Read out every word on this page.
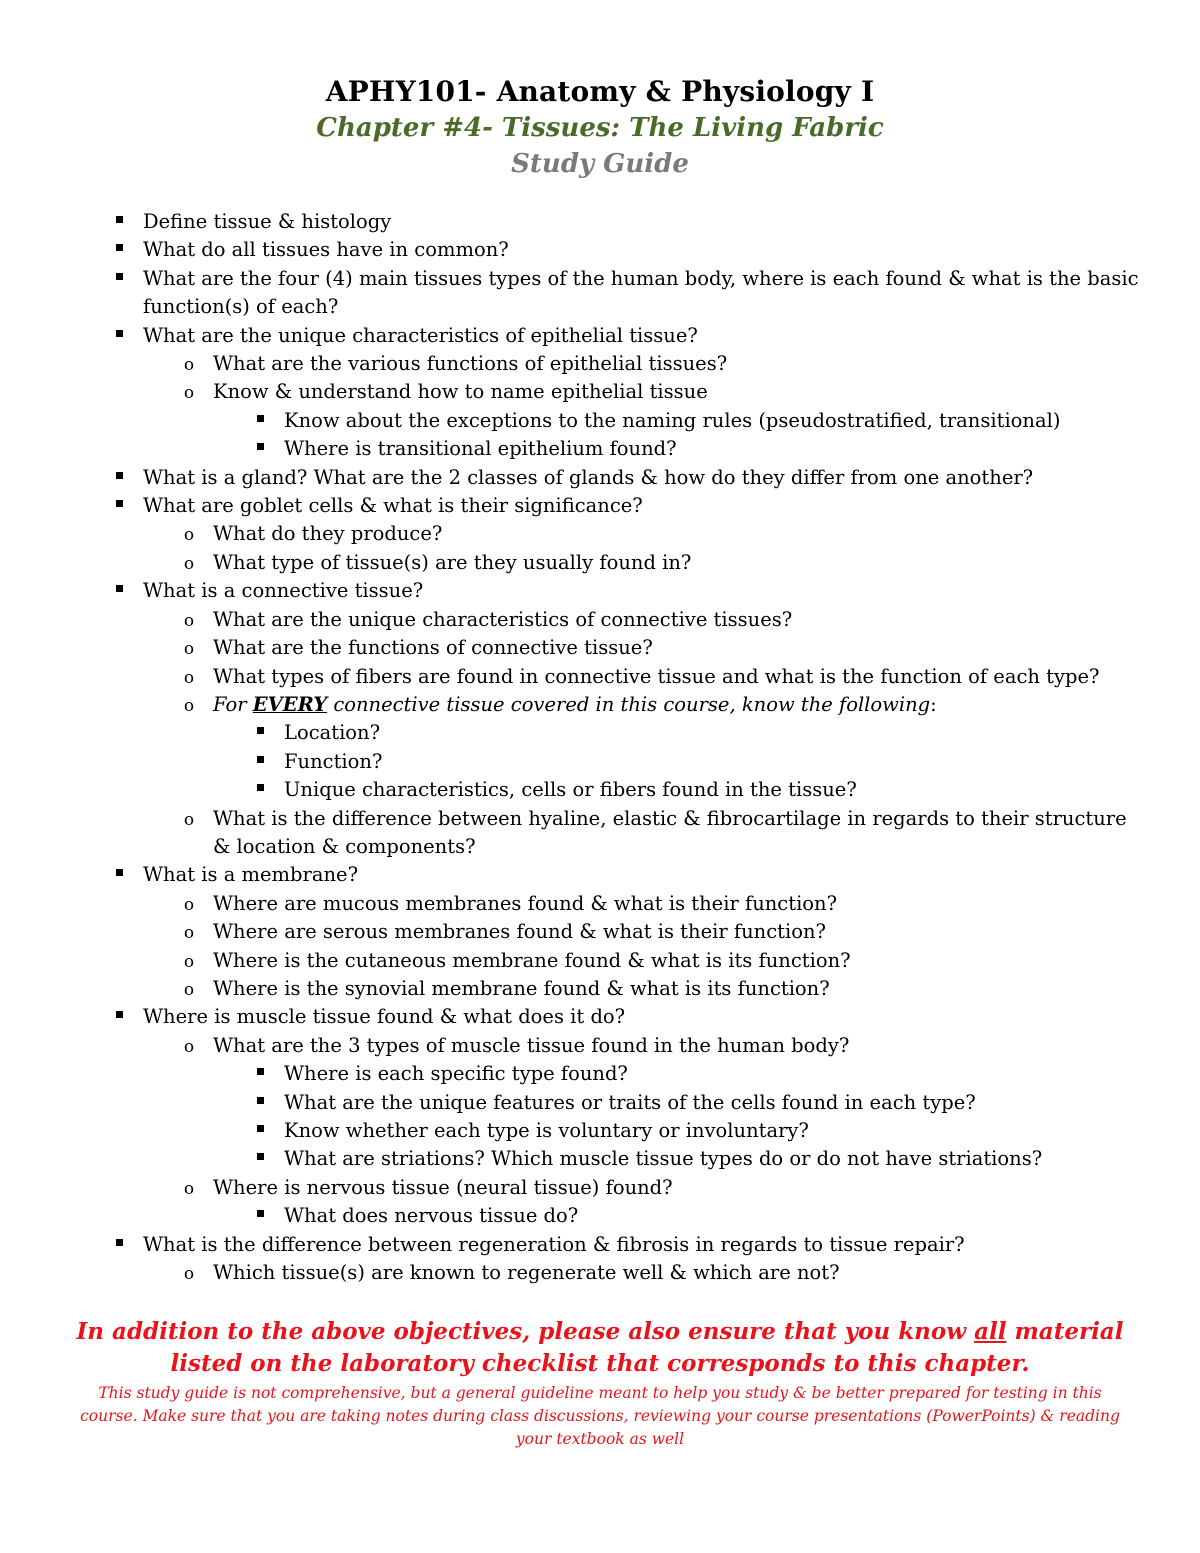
APHY101- Anatomy & Physiology I
Chapter #4- Tissues: The Living Fabric
Study Guide
Define tissue & histology
What do all tissues have in common?
What are the four (4) main tissues types of the human body, where is each found & what is the basic function(s) of each?
What are the unique characteristics of epithelial tissue?
o What are the various functions of epithelial tissues?
o Know & understand how to name epithelial tissue
Know about the exceptions to the naming rules (pseudostratified, transitional)
Where is transitional epithelium found?
What is a gland? What are the 2 classes of glands & how do they differ from one another?
What are goblet cells & what is their significance?
o What do they produce?
o What type of tissue(s) are they usually found in?
What is a connective tissue?
o What are the unique characteristics of connective tissues?
o What are the functions of connective tissue?
o What types of fibers are found in connective tissue and what is the function of each type?
o For EVERY connective tissue covered in this course, know the following:
Location?
Function?
Unique characteristics, cells or fibers found in the tissue?
o What is the difference between hyaline, elastic & fibrocartilage in regards to their structure & location & components?
What is a membrane?
o Where are mucous membranes found & what is their function?
o Where are serous membranes found & what is their function?
o Where is the cutaneous membrane found & what is its function?
o Where is the synovial membrane found & what is its function?
Where is muscle tissue found & what does it do?
o What are the 3 types of muscle tissue found in the human body?
Where is each specific type found?
What are the unique features or traits of the cells found in each type?
Know whether each type is voluntary or involuntary?
What are striations? Which muscle tissue types do or do not have striations?
o Where is nervous tissue (neural tissue) found?
What does nervous tissue do?
What is the difference between regeneration & fibrosis in regards to tissue repair?
o Which tissue(s) are known to regenerate well & which are not?
In addition to the above objectives, please also ensure that you know all material listed on the laboratory checklist that corresponds to this chapter.
This study guide is not comprehensive, but a general guideline meant to help you study & be better prepared for testing in this course. Make sure that you are taking notes during class discussions, reviewing your course presentations (PowerPoints) & reading your textbook as well
